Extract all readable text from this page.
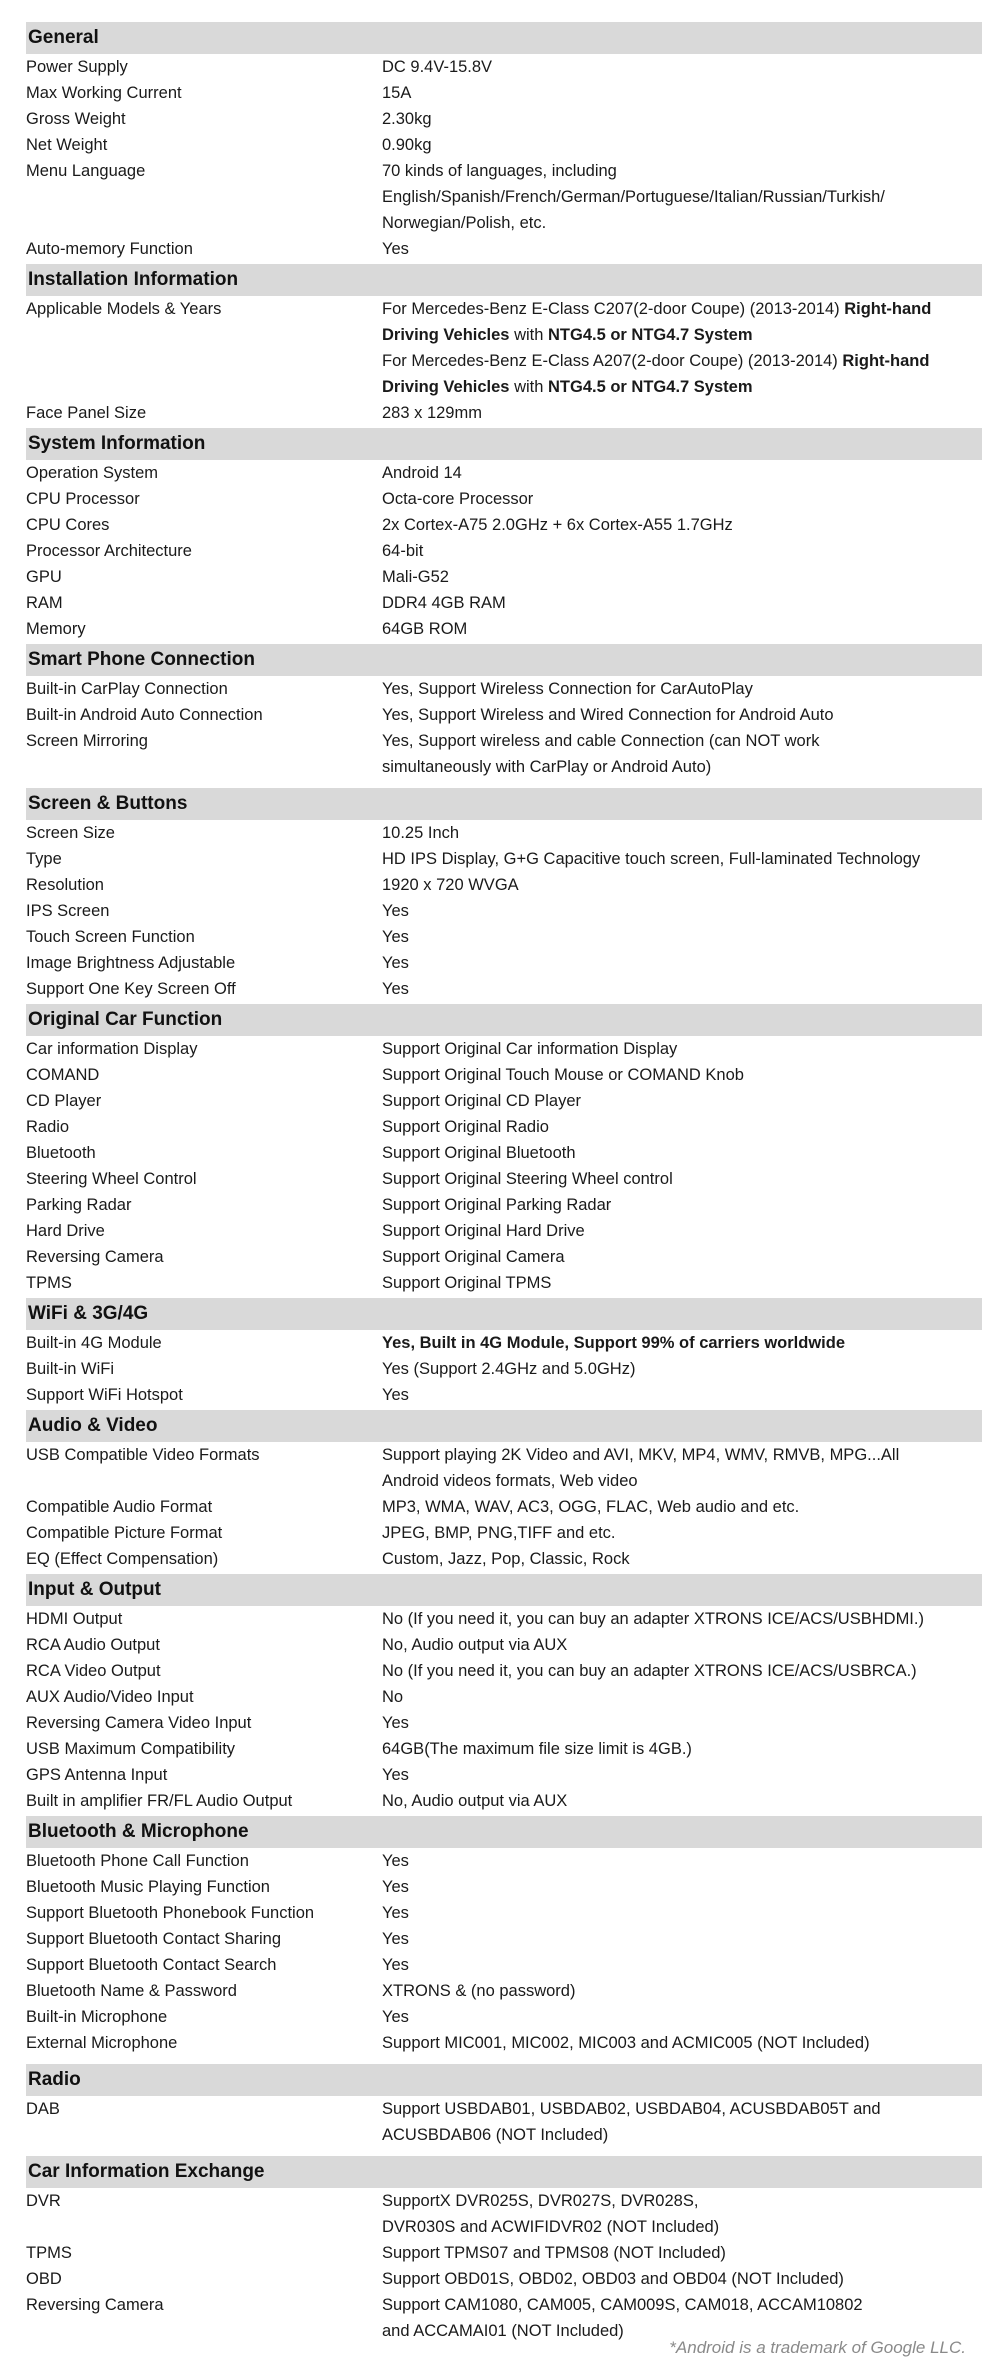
General
Power Supply	DC 9.4V-15.8V
Max Working Current	15A
Gross Weight	2.30kg
Net Weight	0.90kg
Menu Language	70 kinds of languages, including
English/Spanish/French/German/Portuguese/Italian/Russian/Turkish/
Norwegian/Polish, etc.
Auto-memory Function	Yes
Installation Information
Applicable Models & Years	For Mercedes-Benz E-Class C207(2-door Coupe) (2013-2014) Right-hand
Driving Vehicles with NTG4.5 or NTG4.7 System
For Mercedes-Benz E-Class A207(2-door Coupe) (2013-2014) Right-hand
Driving Vehicles with NTG4.5 or NTG4.7 System
Face Panel Size	283 x 129mm
System Information
Operation System	Android 14
CPU Processor	Octa-core Processor
CPU Cores	2x Cortex-A75 2.0GHz + 6x Cortex-A55 1.7GHz
Processor Architecture	64-bit
GPU	Mali-G52
RAM	DDR4 4GB RAM
Memory	64GB ROM
Smart Phone Connection
Built-in CarPlay Connection	Yes, Support Wireless Connection for CarAutoPlay
Built-in Android Auto Connection	Yes, Support Wireless and Wired Connection for Android Auto
Screen Mirroring	Yes, Support wireless and cable Connection (can NOT work
simultaneously with CarPlay or Android Auto)
Screen & Buttons
Screen Size	10.25 Inch
Type	HD IPS Display, G+G Capacitive touch screen, Full-laminated Technology
Resolution	1920 x 720 WVGA
IPS Screen	Yes
Touch Screen Function	Yes
Image Brightness Adjustable	Yes
Support One Key Screen Off	Yes
Original Car Function
Car information Display	Support Original Car information Display
COMAND	Support Original Touch Mouse or COMAND Knob
CD Player	Support Original CD Player
Radio	Support Original Radio
Bluetooth	Support Original Bluetooth
Steering Wheel Control	Support Original Steering Wheel control
Parking Radar	Support Original Parking Radar
Hard Drive	Support Original Hard Drive
Reversing Camera	Support Original Camera
TPMS	Support Original TPMS
WiFi & 3G/4G
Built-in 4G Module	Yes, Built in 4G Module, Support 99% of carriers worldwide
Built-in WiFi	Yes (Support 2.4GHz and 5.0GHz)
Support WiFi Hotspot	Yes
Audio & Video
USB Compatible Video Formats	Support playing 2K Video and AVI, MKV, MP4, WMV, RMVB, MPG...All
Android videos formats, Web video
Compatible Audio Format	MP3, WMA, WAV, AC3, OGG, FLAC, Web audio and etc.
Compatible Picture Format	JPEG, BMP, PNG,TIFF and etc.
EQ (Effect Compensation)	Custom, Jazz, Pop, Classic, Rock
Input & Output
HDMI Output	No (If you need it, you can buy an adapter XTRONS ICE/ACS/USBHDMI.)
RCA Audio Output	No, Audio output via AUX
RCA Video Output	No (If you need it, you can buy an adapter XTRONS ICE/ACS/USBRCA.)
AUX Audio/Video Input	No
Reversing Camera Video Input	Yes
USB Maximum Compatibility	64GB(The maximum file size limit is 4GB.)
GPS Antenna Input	Yes
Built in amplifier FR/FL Audio Output	No, Audio output via AUX
Bluetooth & Microphone
Bluetooth Phone Call Function	Yes
Bluetooth Music Playing Function	Yes
Support Bluetooth Phonebook Function	Yes
Support Bluetooth Contact Sharing	Yes
Support Bluetooth Contact Search	Yes
Bluetooth Name & Password	XTRONS & (no password)
Built-in Microphone	Yes
External Microphone	Support MIC001, MIC002, MIC003 and ACMIC005 (NOT Included)
Radio
DAB	Support USBDAB01, USBDAB02, USBDAB04, ACUSBDAB05T and
ACUSBDAB06 (NOT Included)
Car Information Exchange
DVR	SupportX DVR025S, DVR027S, DVR028S,
DVR030S and ACWIFIDVR02 (NOT Included)
TPMS	Support TPMS07 and TPMS08 (NOT Included)
OBD	Support OBD01S, OBD02, OBD03 and OBD04 (NOT Included)
Reversing Camera	Support CAM1080, CAM005, CAM009S, CAM018, ACCAM10802
and ACCAMAI01 (NOT Included)
*Android is a trademark of Google LLC.
